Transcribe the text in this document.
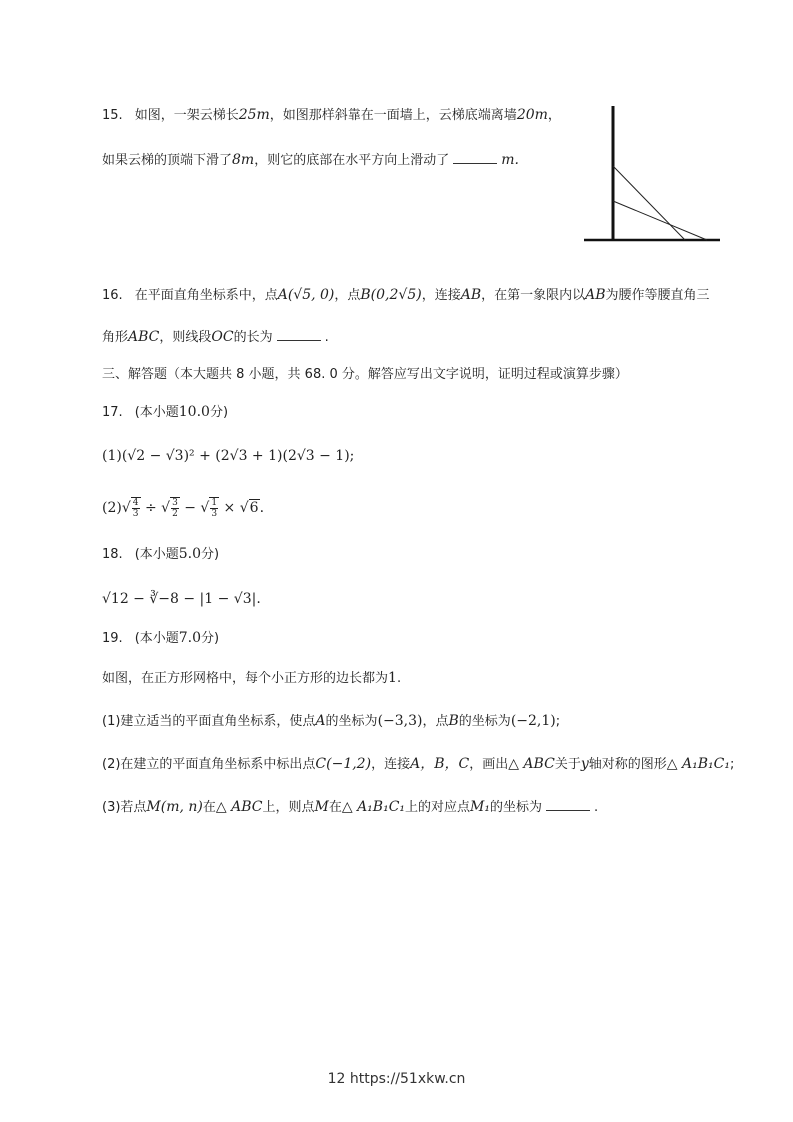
15. 如图，一架云梯长25m，如图那样斜靠在一面墙上，云梯底端离墙20m，
如果云梯的顶端下滑了8m，则它的底部在水平方向上滑动了	m.
16. 在平面直角坐标系中，点A(√5, 0)，点B(0,2√5)，连接AB，在第一象限内以AB为腰作等腰直角三
角形ABC，则线段OC的长为	.
三、解答题（本大题共 8 小题，共 68. 0 分。解答应写出文字说明，证明过程或演算步骤）
17. (本小题10.0分)
(1)(√2 − √3)² + (2√3 + 1)(2√3 − 1);
$(2)√ \frac{4}{3}$ ÷ √ $\frac{3}{2}$ − √ $\frac{1}{3} \times √6$.
18. (本小题5.0分)
√12 − ∛−8 − |1 − √3|.
19. (本小题7.0分)
如图，在正方形网格中，每个小正方形的边长都为1.
(1)建立适当的平面直角坐标系，使点A的坐标为(−3,3)，点B的坐标为(−2,1);
(2)在建立的平面直角坐标系中标出点C(−1,2)，连接A，B，C，画出△ ABC关于y轴对称的图形△ A₁B₁C₁;
(3)若点M(m, n)在△ ABC上，则点M在△ A₁B₁C₁上的对应点M₁的坐标为	.
12 https://51xkw.cn
